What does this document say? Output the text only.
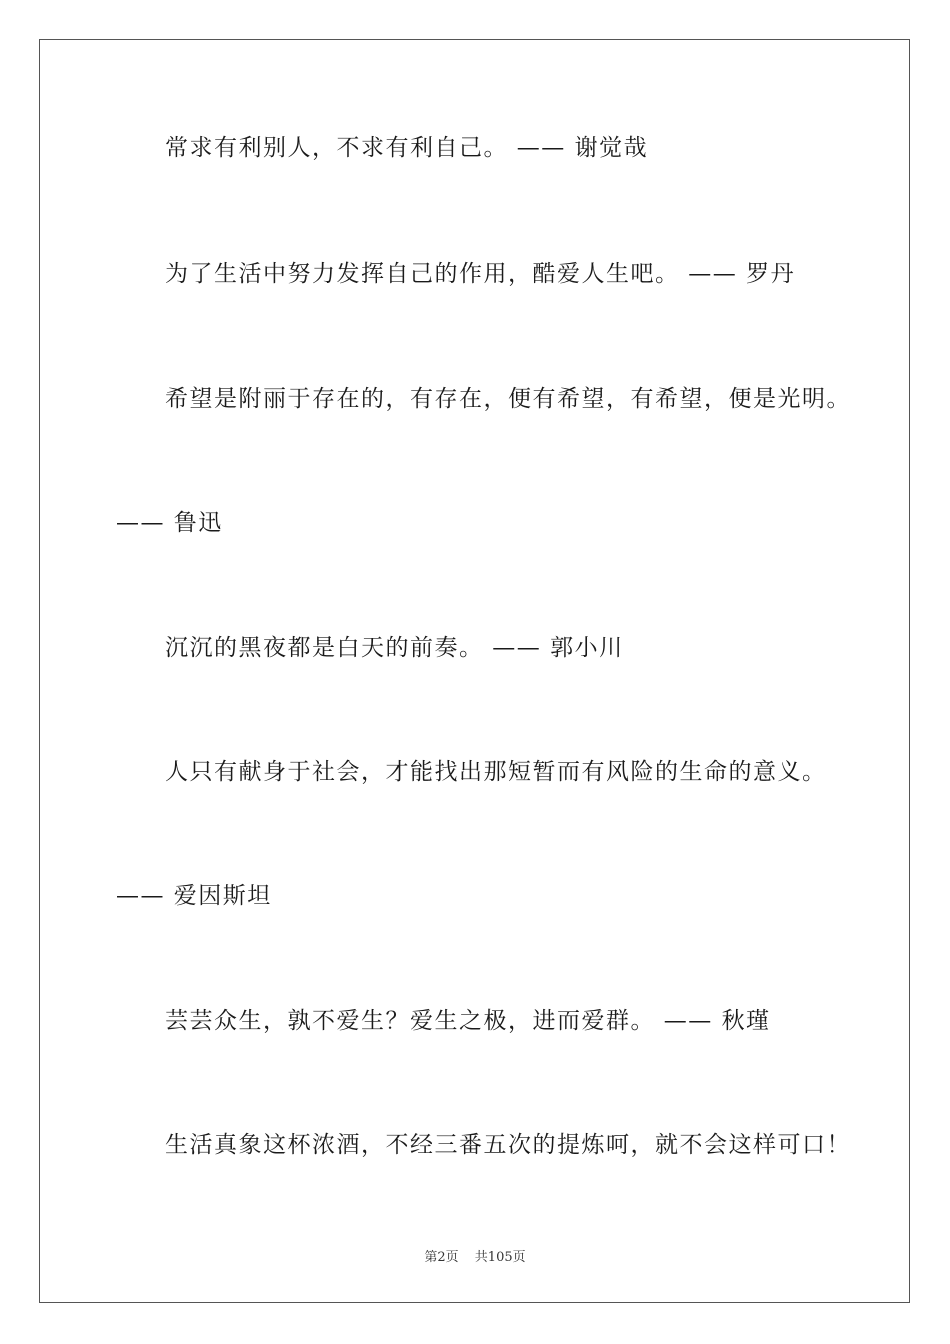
常求有利别人，不求有利自己。 —— 谢觉哉
为了生活中努力发挥自己的作用，酷爱人生吧。 —— 罗丹
希望是附丽于存在的，有存在，便有希望，有希望，便是光明。
—— 鲁迅
沉沉的黑夜都是白天的前奏。 —— 郭小川
人只有献身于社会，才能找出那短暂而有风险的生命的意义。
—— 爱因斯坦
芸芸众生，孰不爱生？爱生之极，进而爱群。 —— 秋瑾
生活真象这杯浓酒，不经三番五次的提炼呵，就不会这样可口！
第2页 共105页
